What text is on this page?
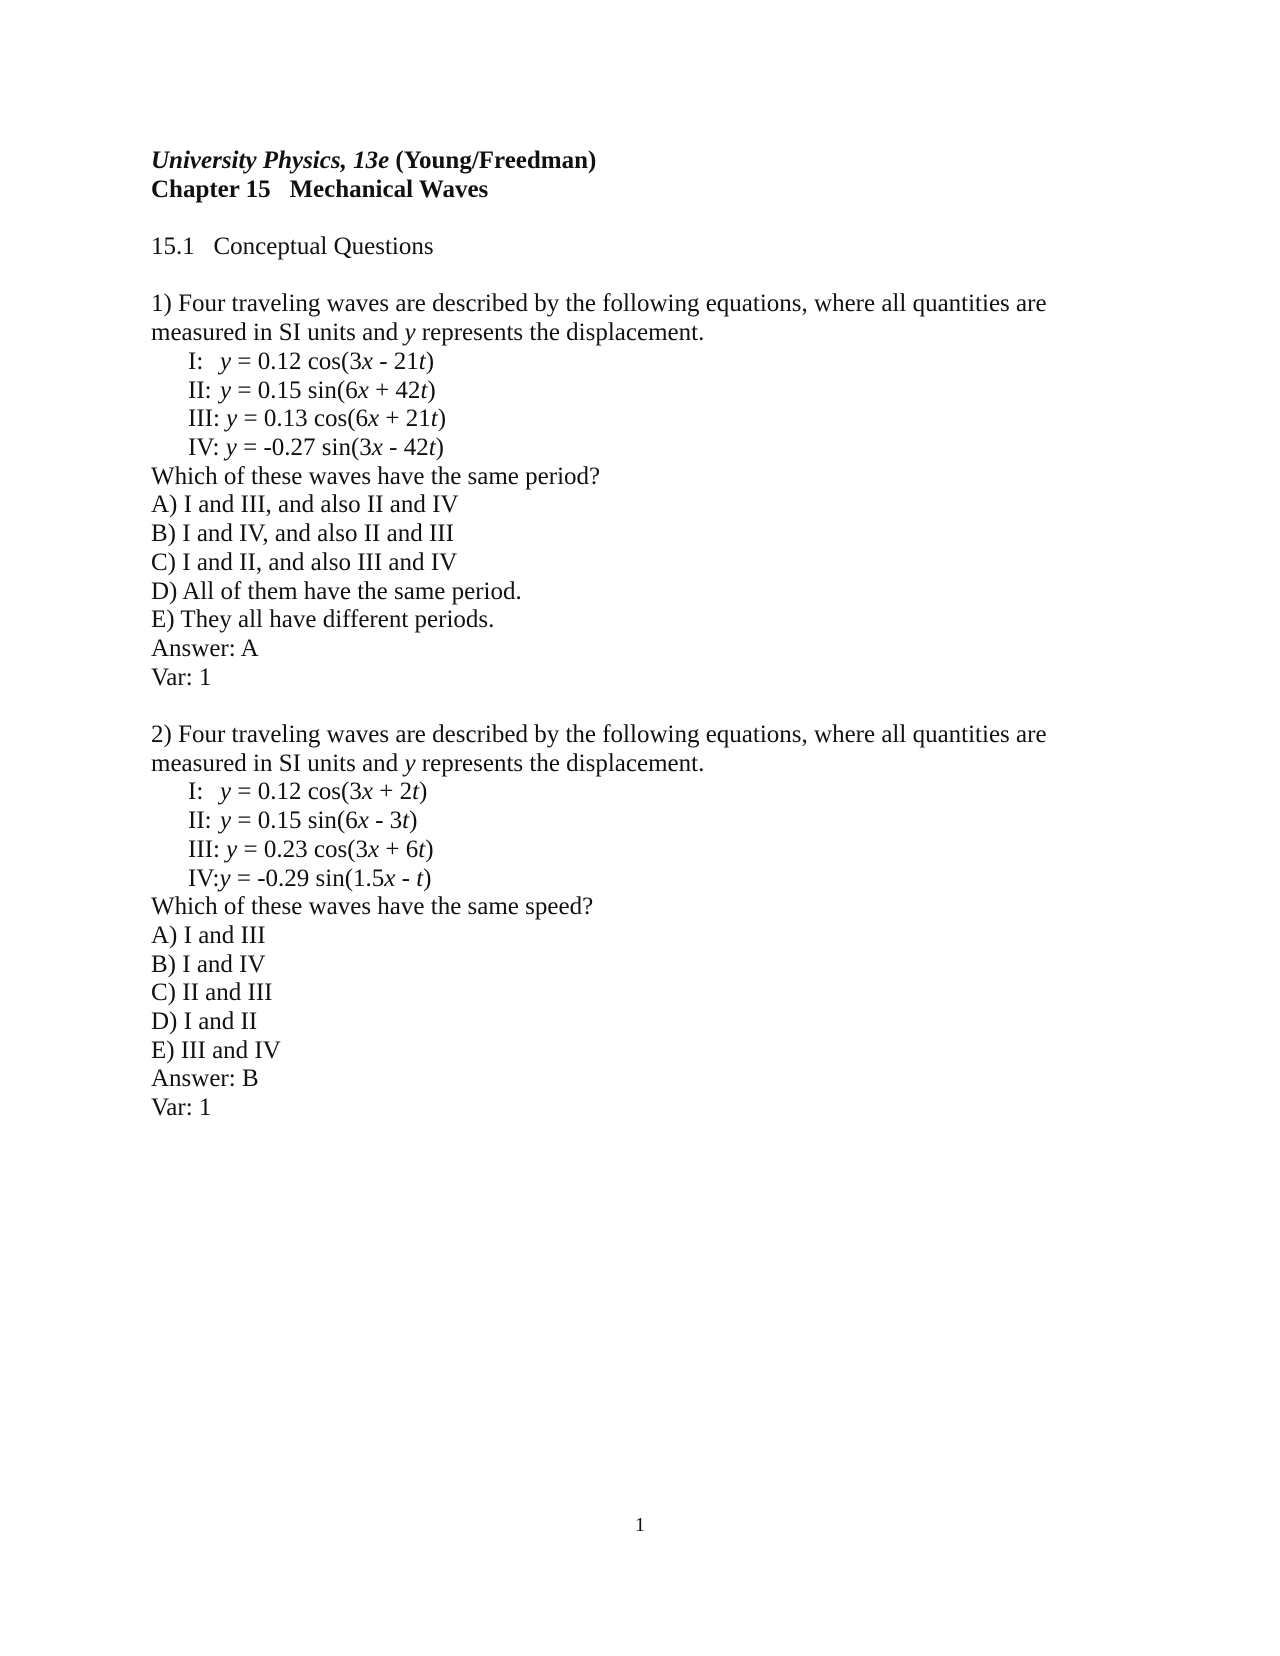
University Physics, 13e (Young/Freedman)
Chapter 15 Mechanical Waves
15.1 Conceptual Questions
1) Four traveling waves are described by the following equations, where all quantities are
measured in SI units and y represents the displacement.
I: y = 0.12 cos(3x - 21t)
II: y = 0.15 sin(6x + 42t)
III: y = 0.13 cos(6x + 21t)
IV: y = -0.27 sin(3x - 42t)
Which of these waves have the same period?
A) I and III, and also II and IV
B) I and IV, and also II and III
C) I and II, and also III and IV
D) All of them have the same period.
E) They all have different periods.
Answer: A
Var: 1
2) Four traveling waves are described by the following equations, where all quantities are
measured in SI units and y represents the displacement.
I: y = 0.12 cos(3x + 2t)
II: y = 0.15 sin(6x - 3t)
III: y = 0.23 cos(3x + 6t)
IV:y = -0.29 sin(1.5x - t)
Which of these waves have the same speed?
A) I and III
B) I and IV
C) II and III
D) I and II
E) III and IV
Answer: B
Var: 1
1
